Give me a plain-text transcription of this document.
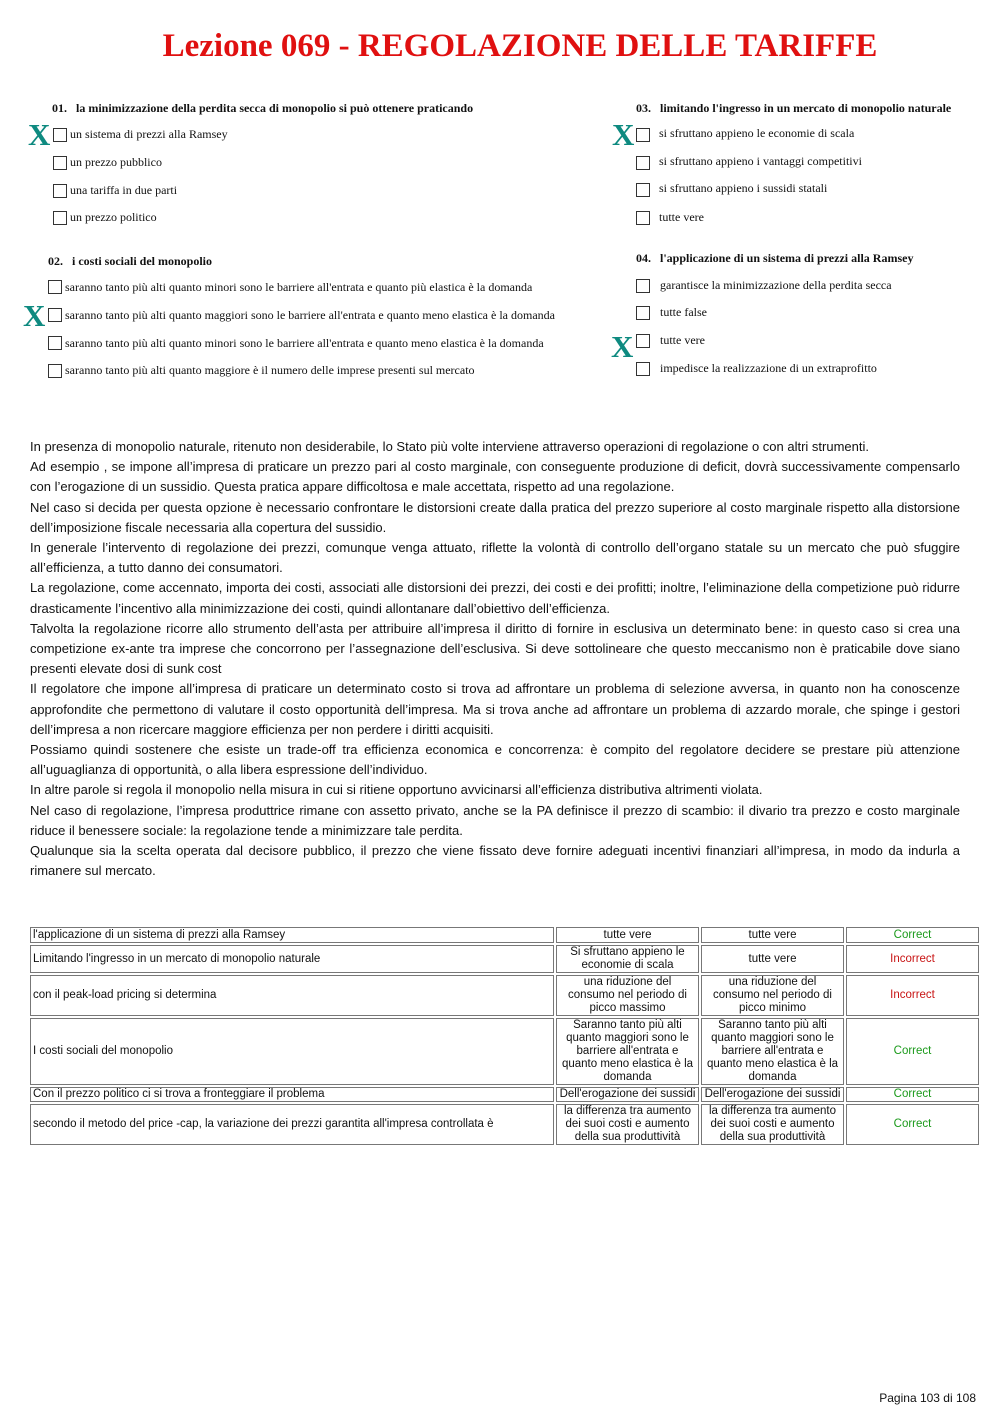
Lezione 069 - REGOLAZIONE DELLE TARIFFE
01. la minimizzazione della perdita secca di monopolio si può ottenere praticando
X un sistema di prezzi alla Ramsey
un prezzo pubblico
una tariffa in due parti
un prezzo politico
02. i costi sociali del monopolio
saranno tanto più alti quanto minori sono le barriere all'entrata e quanto più elastica è la domanda
X saranno tanto più alti quanto maggiori sono le barriere all'entrata e quanto meno elastica è la domanda
saranno tanto più alti quanto minori sono le barriere all'entrata e quanto meno elastica è la domanda
saranno tanto più alti quanto maggiore è il numero delle imprese presenti sul mercato
03. limitando l'ingresso in un mercato di monopolio naturale
X si sfruttano appieno le economie di scala
si sfruttano appieno i vantaggi competitivi
si sfruttano appieno i sussidi statali
tutte vere
04. l'applicazione di un sistema di prezzi alla Ramsey
garantisce la minimizzazione della perdita secca
tutte false
X tutte vere
impedisce la realizzazione di un extraprofitto

In presenza di monopolio naturale, ritenuto non desiderabile, lo Stato più volte interviene attraverso operazioni di regolazione o con altri strumenti.

Ad esempio , se impone all’impresa di praticare un prezzo pari al costo marginale, con conseguente produzione di deficit, dovrà successivamente compensarlo con l’erogazione di un sussidio. Questa pratica appare difficoltosa e male accettata, rispetto ad una regolazione.

Nel caso si decida per questa opzione è necessario confrontare le distorsioni create dalla pratica del prezzo superiore al costo marginale rispetto alla distorsione dell’imposizione fiscale necessaria alla copertura del sussidio.

In generale l’intervento di regolazione dei prezzi, comunque venga attuato, riflette la volontà di controllo dell’organo statale su un mercato che può sfuggire all’efficienza, a tutto danno dei consumatori.

La regolazione, come accennato, importa dei costi, associati alle distorsioni dei prezzi, dei costi e dei profitti; inoltre, l’eliminazione della competizione può ridurre drasticamente l’incentivo alla minimizzazione dei costi, quindi allontanare dall’obiettivo dell’efficienza.

Talvolta la regolazione ricorre allo strumento dell’asta per attribuire all’impresa il diritto di fornire in esclusiva un determinato bene: in questo caso si crea una competizione ex-ante tra imprese che concorrono per l’assegnazione dell’esclusiva. Si deve sottolineare che questo meccanismo non è praticabile dove siano presenti elevate dosi di sunk cost

Il regolatore che impone all’impresa di praticare un determinato costo si trova ad affrontare un problema di selezione avversa, in quanto non ha conoscenze approfondite che permettono di valutare il costo opportunità dell’impresa. Ma si trova anche ad affrontare un problema di azzardo morale, che spinge i gestori dell’impresa a non ricercare maggiore efficienza per non perdere i diritti acquisiti.

Possiamo quindi sostenere che esiste un trade-off tra efficienza economica e concorrenza: è compito del regolatore decidere se prestare più attenzione all’uguaglianza di opportunità, o alla libera espressione dell’individuo.

In altre parole si regola il monopolio nella misura in cui si ritiene opportuno avvicinarsi all’efficienza distributiva altrimenti violata.

Nel caso di regolazione, l’impresa produttrice rimane con assetto privato, anche se la PA definisce il prezzo di scambio: il divario tra prezzo e costo marginale riduce il benessere sociale: la regolazione tende a minimizzare tale perdita.

Qualunque sia la scelta operata dal decisore pubblico, il prezzo che viene fissato deve fornire adeguati incentivi finanziari all’impresa, in modo da indurla a rimanere sul mercato.

l'applicazione di un sistema di prezzi alla Ramsey	tutte vere	tutte vere	Correct
Limitando l'ingresso in un mercato di monopolio naturale	Si sfruttano appieno le economie di scala	tutte vere	Incorrect
con il peak-load pricing si determina	una riduzione del consumo nel periodo di picco massimo	una riduzione del consumo nel periodo di picco minimo	Incorrect
I costi sociali del monopolio	Saranno tanto più alti quanto maggiori sono le barriere all'entrata e quanto meno elastica è la domanda	Saranno tanto più alti quanto maggiori sono le barriere all'entrata e quanto meno elastica è la domanda	Correct
Con il prezzo politico ci si trova a fronteggiare il problema	Dell'erogazione dei sussidi	Dell'erogazione dei sussidi	Correct
secondo il metodo del price -cap, la variazione dei prezzi garantita all'impresa controllata è	la differenza tra aumento dei suoi costi e aumento della sua produttività	la differenza tra aumento dei suoi costi e aumento della sua produttività	Correct
Pagina 103 di 108
